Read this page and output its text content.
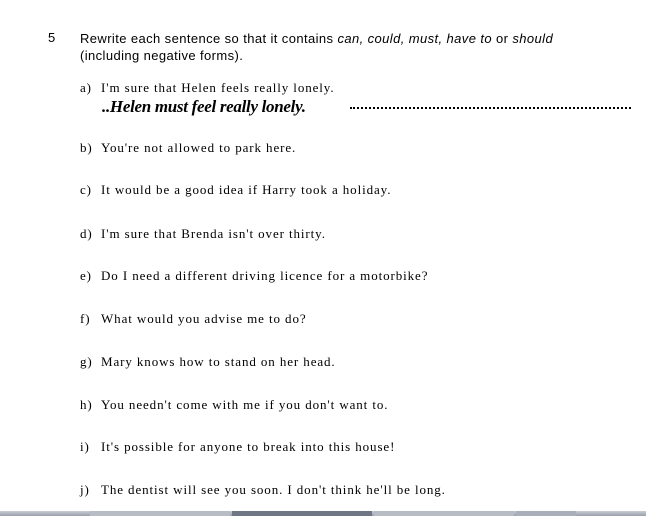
5 Rewrite each sentence so that it contains can, could, must, have to or should
(including negative forms).
a) I'm sure that Helen feels really lonely.
..Helen must feel really lonely.
b) You're not allowed to park here.
c) It would be a good idea if Harry took a holiday.
d) I'm sure that Brenda isn't over thirty.
e) Do I need a different driving licence for a motorbike?
f) What would you advise me to do?
g) Mary knows how to stand on her head.
h) You needn't come with me if you don't want to.
i) It's possible for anyone to break into this house!
j) The dentist will see you soon. I don't think he'll be long.
